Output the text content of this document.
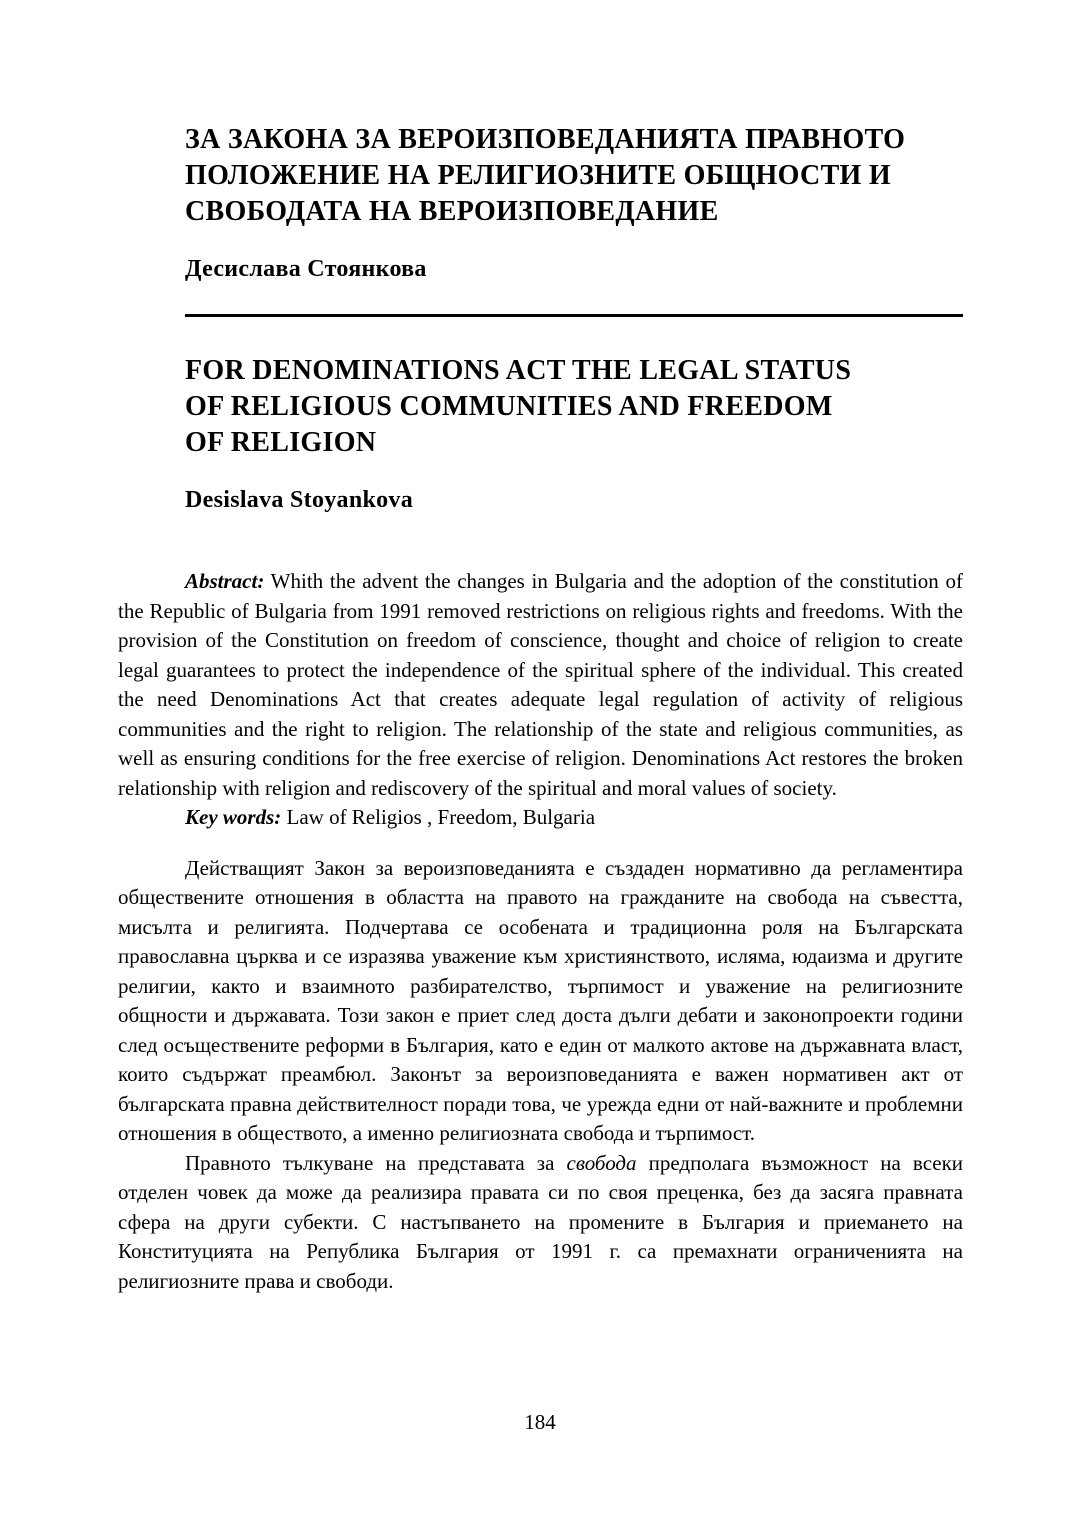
ЗА ЗАКОНА ЗА ВЕРОИЗПОВЕДАНИЯТА ПРАВНОТО
ПОЛОЖЕНИЕ НА РЕЛИГИОЗНИТЕ ОБЩНОСТИ И
СВОБОДАТА НА ВЕРОИЗПОВЕДАНИЕ

Десислава Стоянкова

FOR DENOMINATIONS ACT THE LEGAL STATUS
OF RELIGIOUS COMMUNITIES AND FREEDOM
OF RELIGION

Desislava Stoyankova

Abstract: Whith the advent the changes in Bulgaria and the adoption of the constitution of the Republic of Bulgaria from 1991 removed restrictions on religious rights and freedoms. With the provision of the Constitution on freedom of conscience, thought and choice of religion to create legal guarantees to protect the independence of the spiritual sphere of the individual. This created the need Denominations Act that creates adequate legal regulation of activity of religious communities and the right to religion. The relationship of the state and religious communities, as well as ensuring conditions for the free exercise of religion. Denominations Act restores the broken relationship with religion and rediscovery of the spiritual and moral values of society.

Key words: Law of Religios , Freedom, Bulgaria

Действащият Закон за вероизповеданията е създаден нормативно да регламентира обществените отношения в областта на правото на гражданите на свобода на съвестта, мисълта и религията. Подчертава се особената и традиционна роля на Българската православна църква и се изразява уважение към християнството, исляма, юдаизма и другите религии, както и взаимното разбирателство, търпимост и уважение на религиозните общности и държавата. Този закон е приет след доста дълги дебати и законопроекти години след осъществените реформи в България, като е един от малкото актове на държавната власт, които съдържат преамбюл. Законът за вероизповеданията е важен нормативен акт от българската правна действителност поради това, че урежда едни от най-важните и проблемни отношения в обществото, а именно религиозната свобода и търпимост.

Правното тълкуване на представата за свобода предполага възможност на всеки отделен човек да може да реализира правата си по своя преценка, без да засяга правната сфера на други субекти. С настъпването на промените в България и приемането на Конституцията на Република България от 1991 г. са премахнати ограниченията на религиозните права и свободи.

184
